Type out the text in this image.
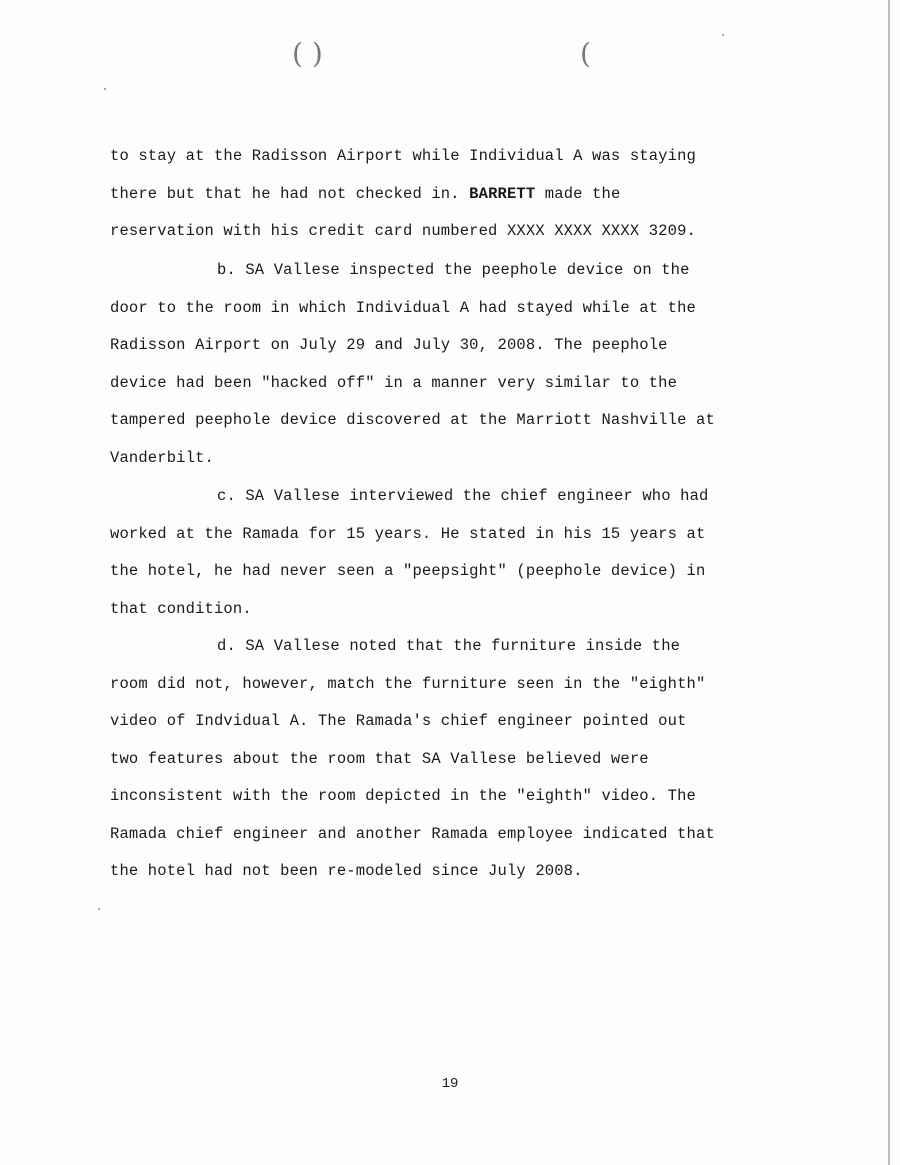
( )	(
to stay at the Radisson Airport while Individual A was staying
there but that he had not checked in. BARRETT made the
reservation with his credit card numbered XXXX XXXX XXXX 3209.
b. SA Vallese inspected the peephole device on the
door to the room in which Individual A had stayed while at the
Radisson Airport on July 29 and July 30, 2008. The peephole
device had been "hacked off" in a manner very similar to the
tampered peephole device discovered at the Marriott Nashville at
Vanderbilt.
c. SA Vallese interviewed the chief engineer who had
worked at the Ramada for 15 years. He stated in his 15 years at
the hotel, he had never seen a "peepsight" (peephole device) in
that condition.
d. SA Vallese noted that the furniture inside the
room did not, however, match the furniture seen in the "eighth"
video of Indvidual A. The Ramada's chief engineer pointed out
two features about the room that SA Vallese believed were
inconsistent with the room depicted in the "eighth" video. The
Ramada chief engineer and another Ramada employee indicated that
the hotel had not been re-modeled since July 2008.
19
